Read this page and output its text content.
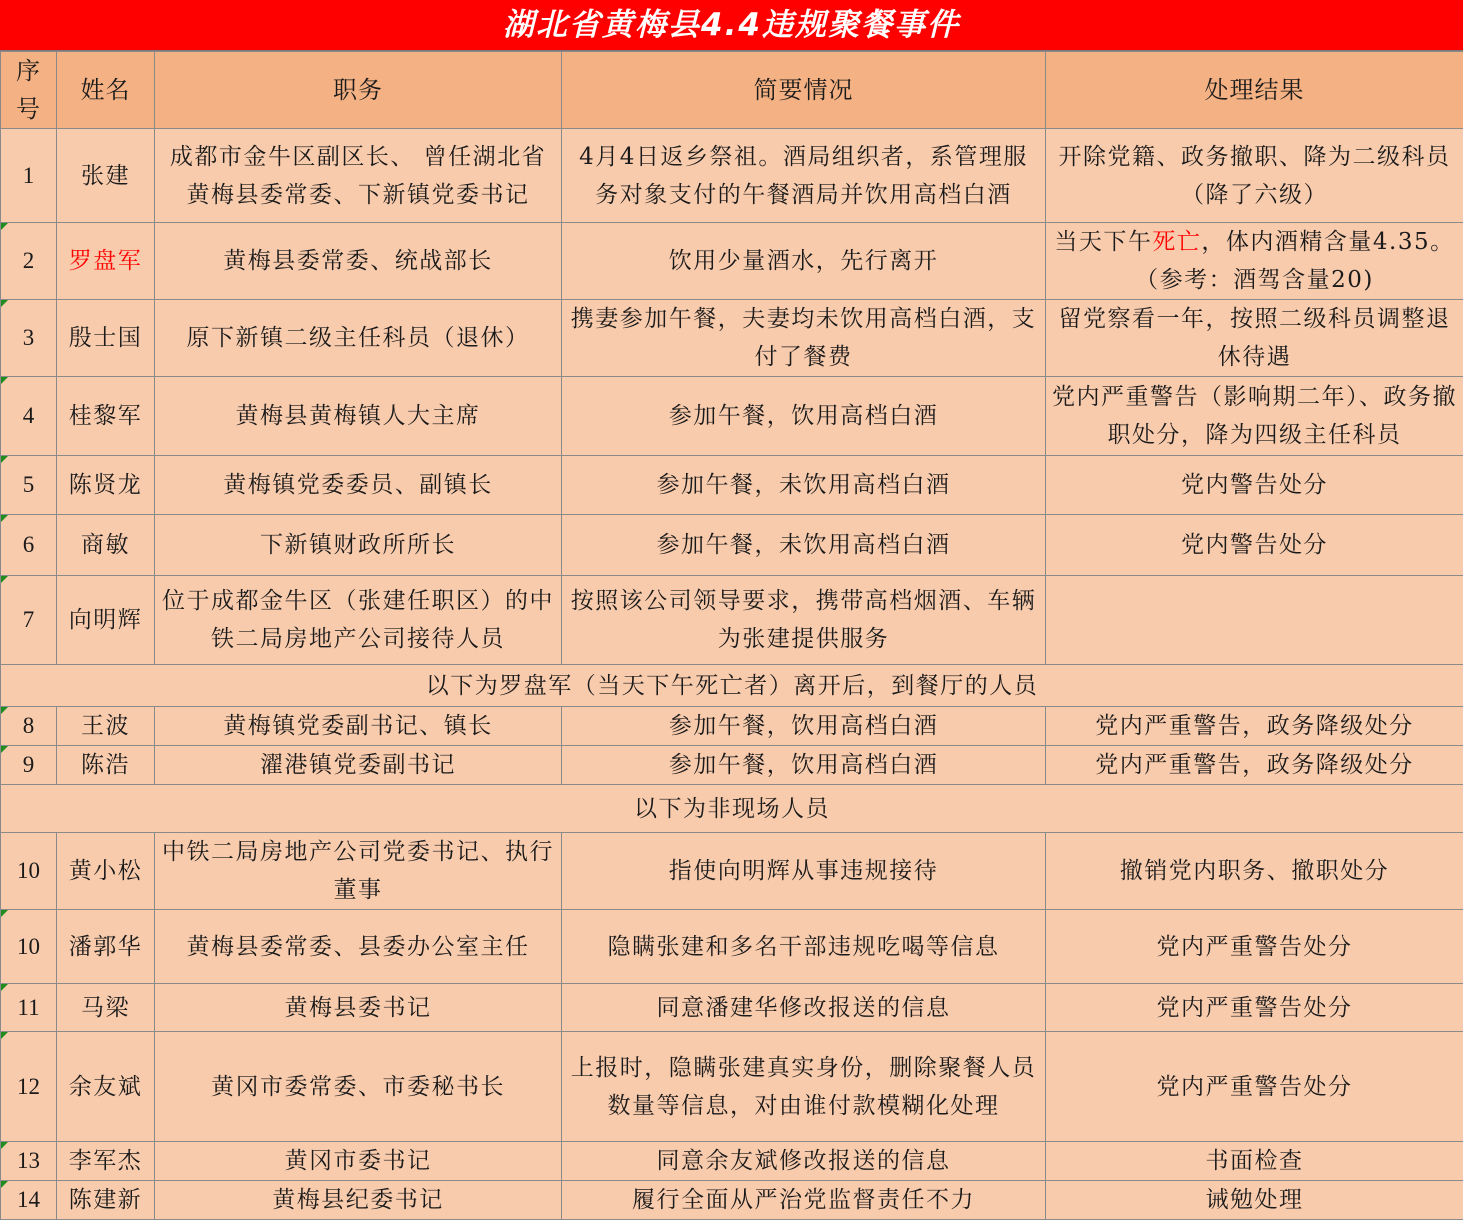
湖北省黄梅县4.4违规聚餐事件
序号	姓名	职务	简要情况	处理结果
1	张建	成都市金牛区副区长、 曾任湖北省黄梅县委常委、下新镇党委书记	4月4日返乡祭祖。酒局组织者，系管理服务对象支付的午餐酒局并饮用高档白酒	开除党籍、政务撤职、降为二级科员（降了六级）
2	罗盘军	黄梅县委常委、统战部长	饮用少量酒水，先行离开	当天下午死亡，体内酒精含量4.35。（参考：酒驾含量20)
3	殷士国	原下新镇二级主任科员（退休）	携妻参加午餐，夫妻均未饮用高档白酒，支付了餐费	留党察看一年，按照二级科员调整退休待遇
4	桂黎军	黄梅县黄梅镇人大主席	参加午餐，饮用高档白酒	党内严重警告（影响期二年）、政务撤职处分，降为四级主任科员
5	陈贤龙	黄梅镇党委委员、副镇长	参加午餐，未饮用高档白酒	党内警告处分
6	商敏	下新镇财政所所长	参加午餐，未饮用高档白酒	党内警告处分
7	向明辉	位于成都金牛区（张建任职区）的中铁二局房地产公司接待人员	按照该公司领导要求，携带高档烟酒、车辆为张建提供服务	
以下为罗盘军（当天下午死亡者）离开后，到餐厅的人员				
8	王波	黄梅镇党委副书记、镇长	参加午餐，饮用高档白酒	党内严重警告，政务降级处分
9	陈浩	濯港镇党委副书记	参加午餐，饮用高档白酒	党内严重警告，政务降级处分
以下为非现场人员				
10	黄小松	中铁二局房地产公司党委书记、执行董事	指使向明辉从事违规接待	撤销党内职务、撤职处分
10	潘郭华	黄梅县委常委、县委办公室主任	隐瞒张建和多名干部违规吃喝等信息	党内严重警告处分
11	马梁	黄梅县委书记	同意潘建华修改报送的信息	党内严重警告处分
12	余友斌	黄冈市委常委、市委秘书长	上报时，隐瞒张建真实身份，删除聚餐人员数量等信息，对由谁付款模糊化处理	党内严重警告处分
13	李军杰	黄冈市委书记	同意余友斌修改报送的信息	书面检查
14	陈建新	黄梅县纪委书记	履行全面从严治党监督责任不力	诫勉处理
